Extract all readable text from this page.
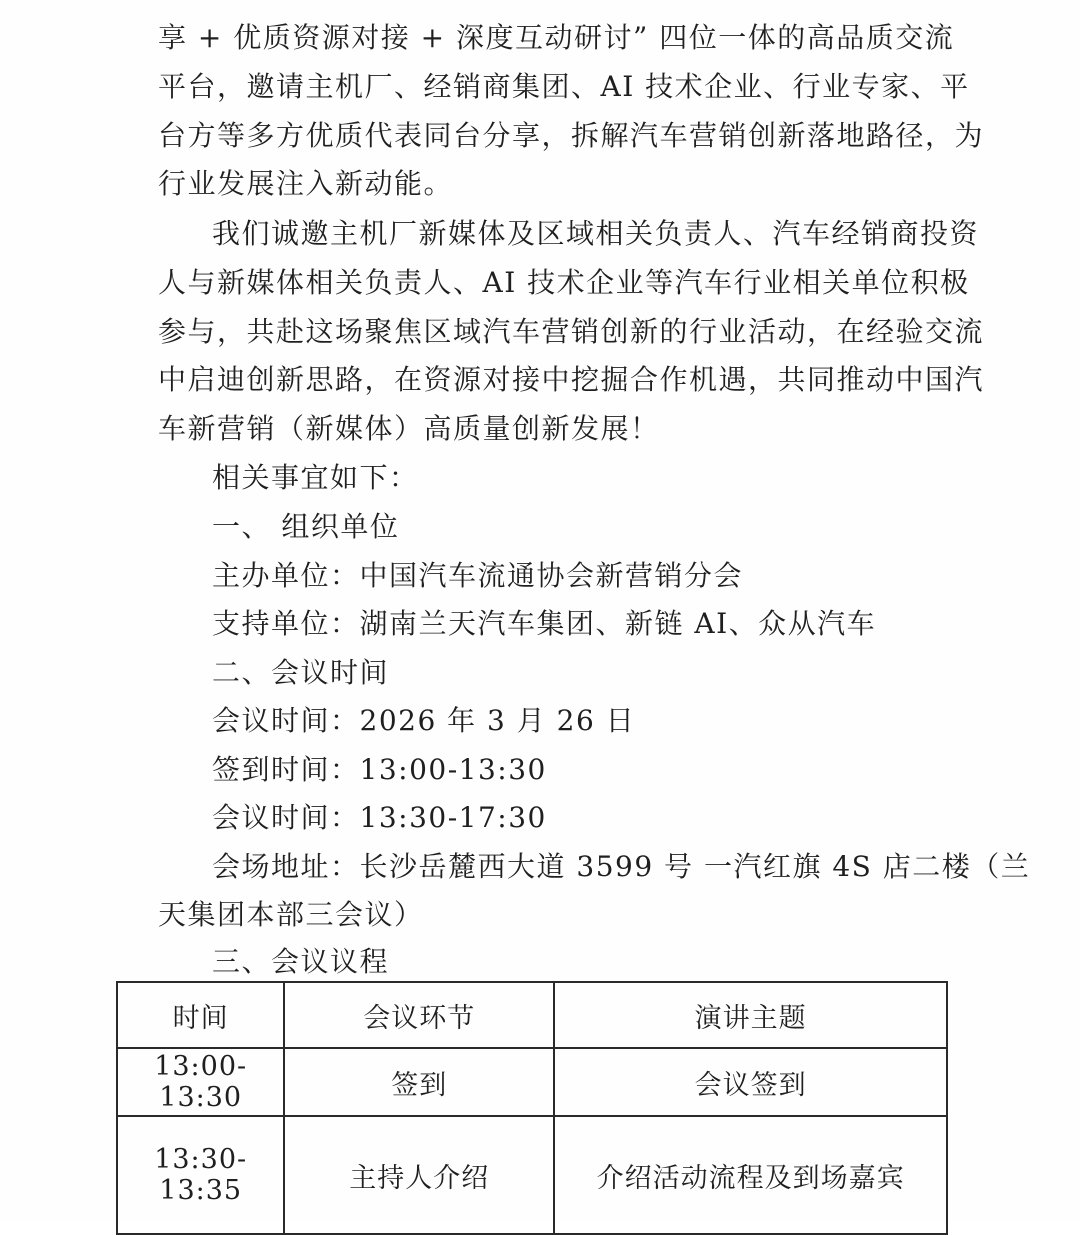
享 + 优质资源对接 + 深度互动研讨” 四位一体的高品质交流
平台，邀请主机厂、经销商集团、AI 技术企业、行业专家、平
台方等多方优质代表同台分享，拆解汽车营销创新落地路径，为
行业发展注入新动能。
我们诚邀主机厂新媒体及区域相关负责人、汽车经销商投资
人与新媒体相关负责人、AI 技术企业等汽车行业相关单位积极
参与，共赴这场聚焦区域汽车营销创新的行业活动，在经验交流
中启迪创新思路，在资源对接中挖掘合作机遇，共同推动中国汽
车新营销（新媒体）高质量创新发展！
相关事宜如下：
一、 组织单位
主办单位：中国汽车流通协会新营销分会
支持单位：湖南兰天汽车集团、新链 AI、众从汽车
二、会议时间
会议时间：2026 年 3 月 26 日
签到时间：13:00-13:30
会议时间：13:30-17:30
会场地址：长沙岳麓西大道 3599 号 一汽红旗 4S 店二楼（兰
天集团本部三会议）
三、会议议程
时间	会议环节	演讲主题
13:00-13:30	签到	会议签到
13:30-13:35	主持人介绍	介绍活动流程及到场嘉宾
